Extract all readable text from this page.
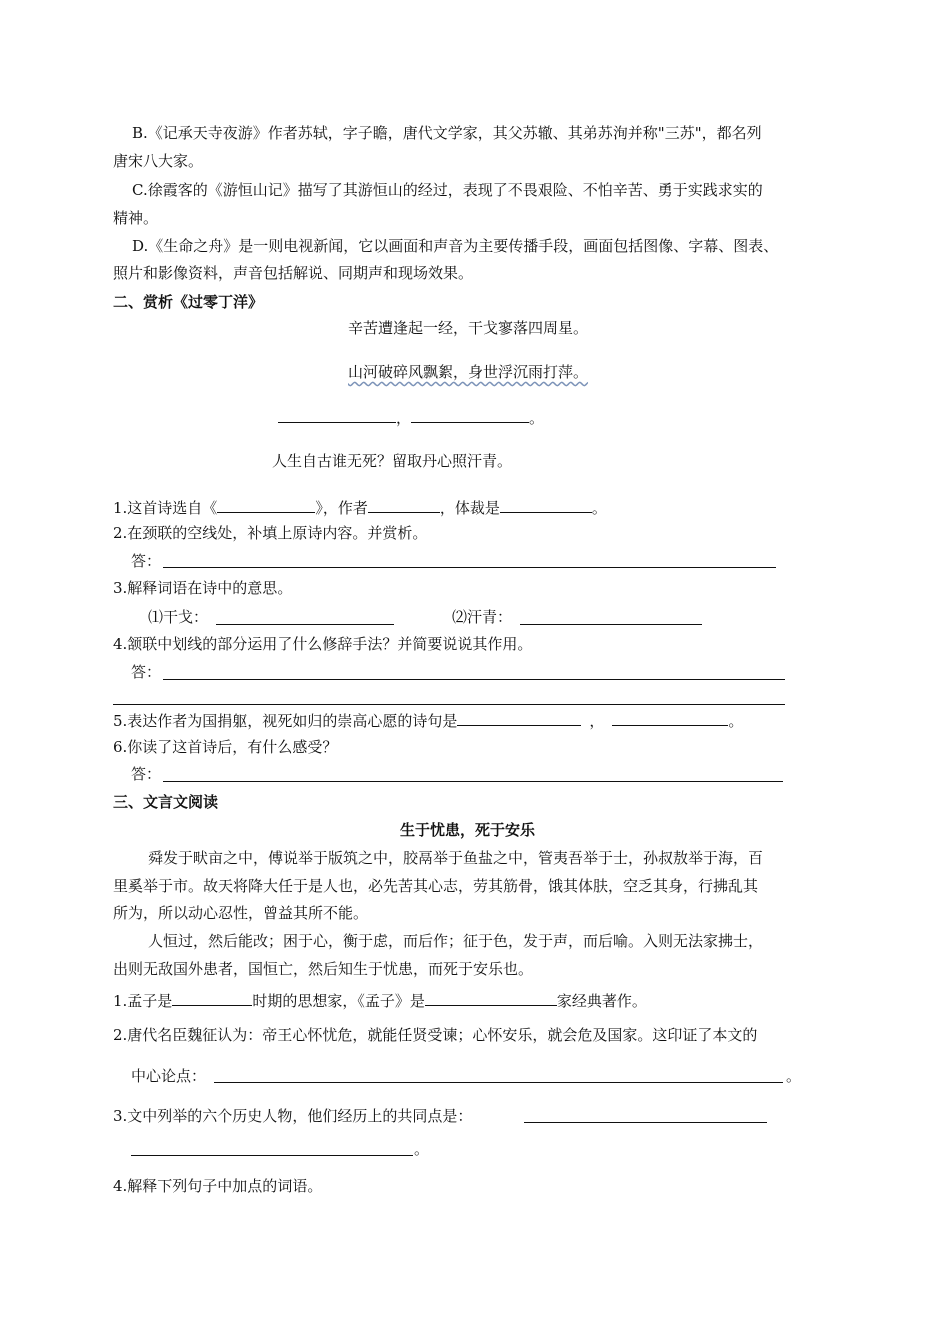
B.《记承天寺夜游》作者苏轼，字子瞻，唐代文学家，其父苏辙、其弟苏洵并称"三苏"，都名列
唐宋八大家。
C.徐霞客的《游恒山记》描写了其游恒山的经过，表现了不畏艰险、不怕辛苦、勇于实践求实的
精神。
D.《生命之舟》是一则电视新闻，它以画面和声音为主要传播手段，画面包括图像、字幕、图表、
照片和影像资料，声音包括解说、同期声和现场效果。
二、赏析《过零丁洋》
辛苦遭逢起一经，干戈寥落四周星。
山河破碎风飘絮，身世浮沉雨打萍。
，	。
人生自古谁无死？留取丹心照汗青。
1.这首诗选自《	》，作者	，体裁是	。
2.在颈联的空线处，补填上原诗内容。并赏析。
答：
3.解释词语在诗中的意思。
⑴干戈：	⑵汗青：
4.颔联中划线的部分运用了什么修辞手法？并简要说说其作用。
答：
5.表达作者为国捐躯，视死如归的崇高心愿的诗句是	，	。
6.你读了这首诗后，有什么感受？
答：
三、文言文阅读
生于忧患，死于安乐
舜发于畎亩之中，傅说举于版筑之中，胶鬲举于鱼盐之中，管夷吾举于士，孙叔敖举于海，百
里奚举于市。故天将降大任于是人也，必先苦其心志，劳其筋骨，饿其体肤，空乏其身，行拂乱其
所为，所以动心忍性，曾益其所不能。
人恒过，然后能改；困于心，衡于虑，而后作；征于色，发于声，而后喻。入则无法家拂士，
出则无敌国外患者，国恒亡，然后知生于忧患，而死于安乐也。
1.孟子是	时期的思想家，《孟子》是	家经典著作。
2.唐代名臣魏征认为：帝王心怀忧危，就能任贤受谏；心怀安乐，就会危及国家。这印证了本文的
中心论点：	。
3.文中列举的六个历史人物，他们经历上的共同点是：
。
4.解释下列句子中加点的词语。
